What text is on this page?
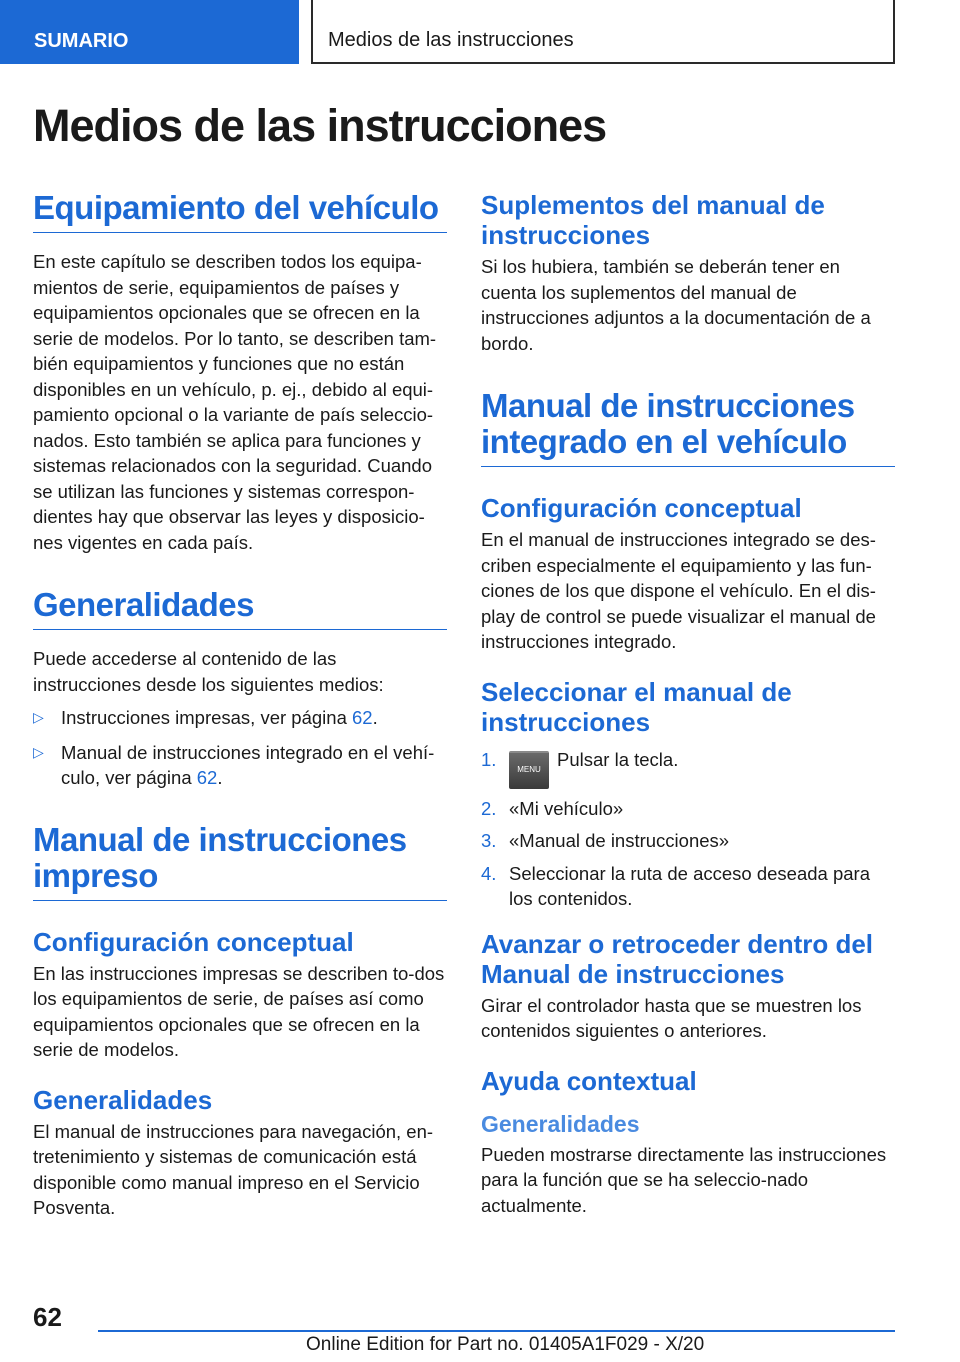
SUMARIO	Medios de las instrucciones
Medios de las instrucciones
Equipamiento del vehículo

En este capítulo se describen todos los equipa-mientos de serie, equipamientos de países y equipamientos opcionales que se ofrecen en la serie de modelos. Por lo tanto, se describen tam-bién equipamientos y funciones que no están disponibles en un vehículo, p. ej., debido al equi-pamiento opcional o la variante de país seleccio-nados. Esto también se aplica para funciones y sistemas relacionados con la seguridad. Cuando se utilizan las funciones y sistemas correspon-dientes hay que observar las leyes y disposicio-nes vigentes en cada país.

Generalidades

Puede accederse al contenido de las instrucciones desde los siguientes medios:

▷ Instrucciones impresas, ver página 62.
▷ Manual de instrucciones integrado en el vehí-culo, ver página 62.
Manual de instrucciones impreso
Configuración conceptual

En las instrucciones impresas se describen to-dos los equipamientos de serie, de países así como equipamientos opcionales que se ofrecen en la serie de modelos.

Generalidades

El manual de instrucciones para navegación, en-tretenimiento y sistemas de comunicación está disponible como manual impreso en el Servicio Posventa.

Suplementos del manual de instrucciones

Si los hubiera, también se deberán tener en cuenta los suplementos del manual de instrucciones adjuntos a la documentación de a bordo.

Manual de instrucciones integrado en el vehículo
Configuración conceptual

En el manual de instrucciones integrado se des-criben especialmente el equipamiento y las fun-ciones de los que dispone el vehículo. En el dis-play de control se puede visualizar el manual de instrucciones integrado.

Seleccionar el manual de instrucciones
1.	MENU Pulsar la tecla.
2. «Mi vehículo»
3. «Manual de instrucciones»
4. Seleccionar la ruta de acceso deseada para los contenidos.
Avanzar o retroceder dentro del Manual de instrucciones

Girar el controlador hasta que se muestren los contenidos siguientes o anteriores.

Ayuda contextual
Generalidades

Pueden mostrarse directamente las instrucciones para la función que se ha seleccio-nado actualmente.

62
Online Edition for Part no. 01405A1F029 - X/20
